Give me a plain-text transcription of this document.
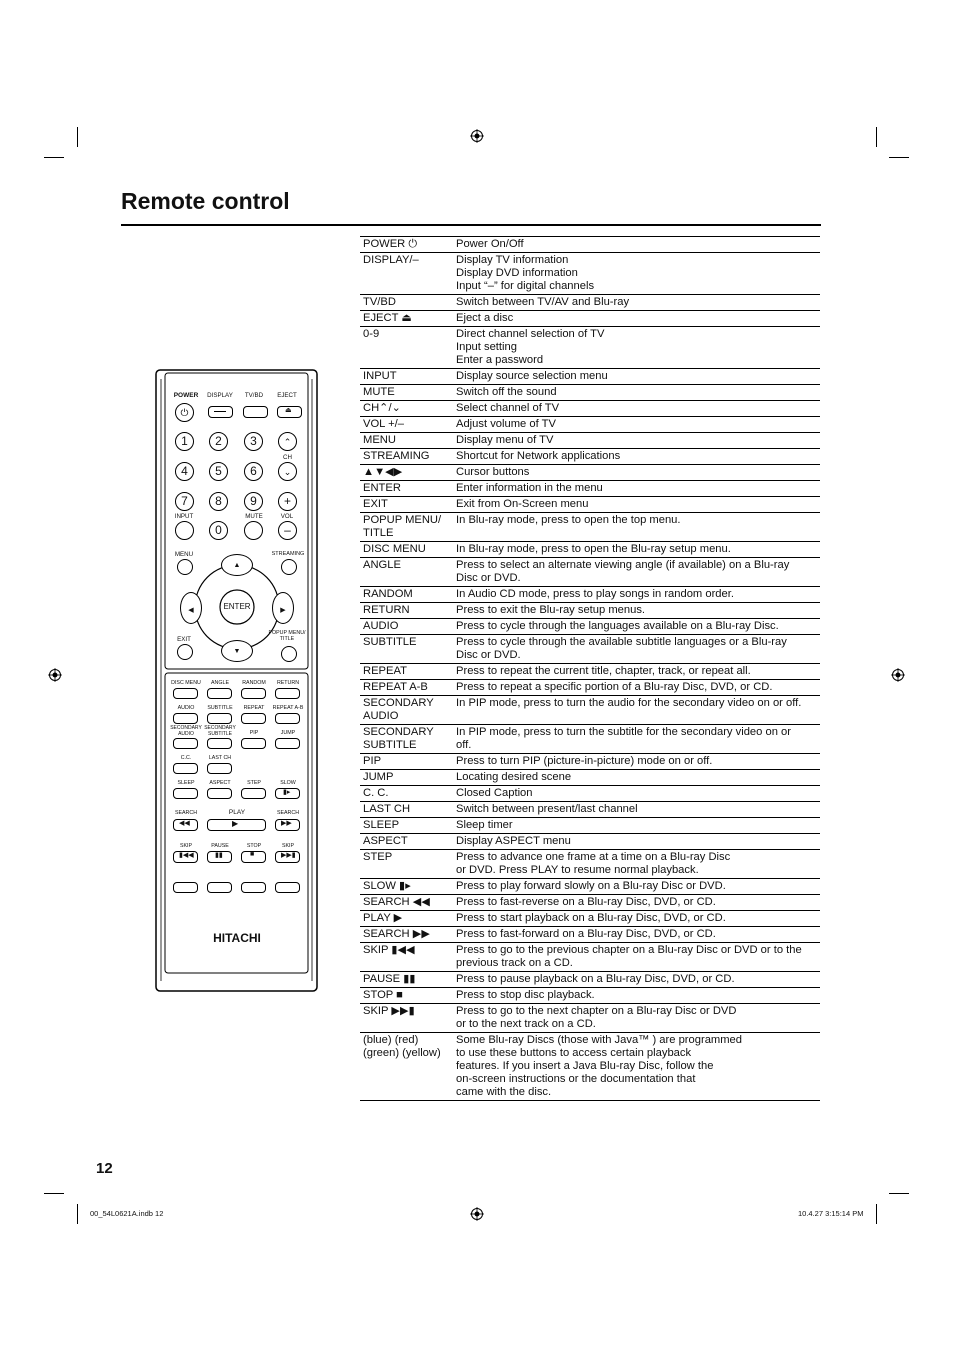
Remote control
POWER	DISPLAY	TV/BD	EJECT
⏻	⏏
1	2	3
4	5	6
7	8	9
0
⌃
CH
⌄
+
VOL
–
INPUT	MUTE
MENU	STREAMING
▲
▼
◀	▶
ENTER
EXIT
POPUP MENU/
TITLE
DISC MENU	ANGLE	RANDOM	RETURN
AUDIO	SUBTITLE	REPEAT	REPEAT A-B
SECONDARY
AUDIO
SECONDARY
SUBTITLE	PIP	JUMP
C.C.	LAST CH
SLEEP	ASPECT	STEP	SLOW
▮▸
SEARCH	PLAY	SEARCH
◀◀	▶	▶▶
SKIP	PAUSE	STOP	SKIP
▮◀◀	▮▮	■	▶▶▮
HITACHI
POWER ⏻	Power On/Off
DISPLAY/–	Display TV information
Display DVD information
Input “–” for digital channels
TV/BD	Switch between TV/AV and Blu-ray
EJECT ⏏	Eject a disc
0-9	Direct channel selection of TV
Input setting
Enter a password
INPUT	Display source selection menu
MUTE	Switch off the sound
CH⌃/⌄	Select channel of TV
VOL +/–	Adjust volume of TV
MENU	Display menu of TV
STREAMING	Shortcut for Network applications
▲▼◀▶	Cursor buttons
ENTER	Enter information in the menu
EXIT	Exit from On-Screen menu
POPUP MENU/
TITLE	In Blu-ray mode, press to open the top menu.
DISC MENU	In Blu-ray mode, press to open the Blu-ray setup menu.
ANGLE	Press to select an alternate viewing angle (if available) on a Blu-ray
Disc or DVD.
RANDOM	In Audio CD mode, press to play songs in random order.
RETURN	Press to exit the Blu-ray setup menus.
AUDIO	Press to cycle through the languages available on a Blu-ray Disc.
SUBTITLE	Press to cycle through the available subtitle languages or a Blu-ray
Disc or DVD.
REPEAT	Press to repeat the current title, chapter, track, or repeat all.
REPEAT A-B	Press to repeat a specific portion of a Blu-ray Disc, DVD, or CD.
SECONDARY
AUDIO	In PIP mode, press to turn the audio for the secondary video on or off.
SECONDARY
SUBTITLE	In PIP mode, press to turn the subtitle for the secondary video on or
off.
PIP	Press to turn PIP (picture-in-picture) mode on or off.
JUMP	Locating desired scene
C. C.	Closed Caption
LAST CH	Switch between present/last channel
SLEEP	Sleep timer
ASPECT	Display ASPECT menu
STEP	Press to advance one frame at a time on a Blu-ray Disc
or DVD. Press PLAY to resume normal playback.
SLOW ▮▸	Press to play forward slowly on a Blu-ray Disc or DVD.
SEARCH ◀◀	Press to fast-reverse on a Blu-ray Disc, DVD, or CD.
PLAY ▶	Press to start playback on a Blu-ray Disc, DVD, or CD.
SEARCH ▶▶	Press to fast-forward on a Blu-ray Disc, DVD, or CD.
SKIP ▮◀◀	Press to go to the previous chapter on a Blu-ray Disc or DVD or to the
previous track on a CD.
PAUSE ▮▮	Press to pause playback on a Blu-ray Disc, DVD, or CD.
STOP ■	Press to stop disc playback.
SKIP ▶▶▮	Press to go to the next chapter on a Blu-ray Disc or DVD
or to the next track on a CD.
(blue) (red)
(green) (yellow)	Some Blu-ray Discs (those with Java™ ) are programmed
to use these buttons to access certain playback
features. If you insert a Java Blu-ray Disc, follow the
on-screen instructions or the documentation that
came with the disc.
12
00_54L0621A.indb 12	10.4.27 3:15:14 PM
